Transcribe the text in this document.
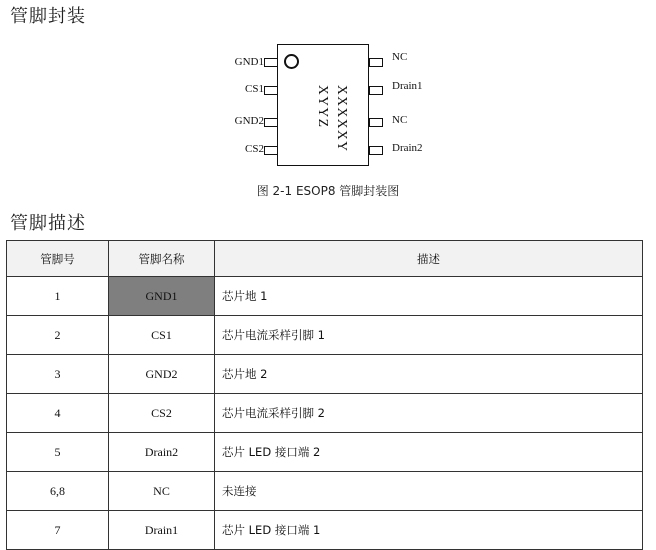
管脚封装
GND1
CS1
GND2
CS2
XYYZ XXXXXY
NC
Drain1
NC
Drain2
图 2-1 ESOP8 管脚封装图
管脚描述
管脚号	管脚名称	描述
1	GND1	芯片地 1
2	CS1	芯片电流采样引脚 1
3	GND2	芯片地 2
4	CS2	芯片电流采样引脚 2
5	Drain2	芯片 LED 接口端 2
6,8	NC	未连接
7	Drain1	芯片 LED 接口端 1
